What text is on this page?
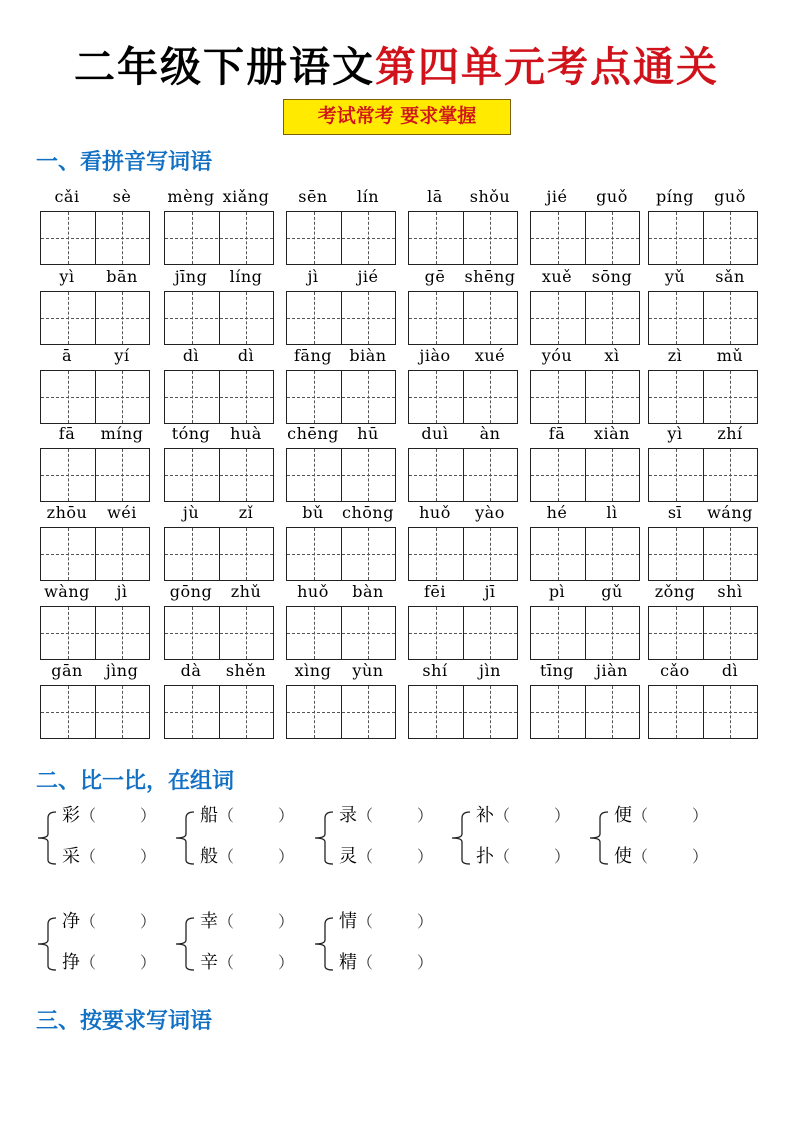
二年级下册语文第四单元考点通关
考试常考 要求掌握
一、看拼音写词语
cǎi	sè	mèng xiǎng	sēn	lín	lā	shǒu	jié	guǒ	píng	guǒ
yì	bān	jīng	líng	jì	jié	gē	shēng	xuě	sōng	yǔ	sǎn
ā	yí	dì	dì	fāng	biàn	jiào	xué	yóu	xì	zì	mǔ
fā	míng	tóng	huà	chēng	hū	duì	àn	fā	xiàn	yì	zhí
zhōu	wéi	jù	zǐ	bǔ	chōng	huǒ	yào	hé	lì	sī	wáng
wàng	jì	gōng	zhǔ	huǒ	bàn	fēi	jī	pì	gǔ	zǒng	shì
gān	jìng	dà	shěn	xìng	yùn	shí	jìn	tīng	jiàn	cǎo	dì
二、比一比，在组词
彩（	）
采（	）
船（	）
般（	）
录（	）
灵（	）
补（	）
扑（	）
便（	）
使（	）
净（	）
挣（	）
幸（	）
辛（	）
情（	）
精（	）
三、按要求写词语
